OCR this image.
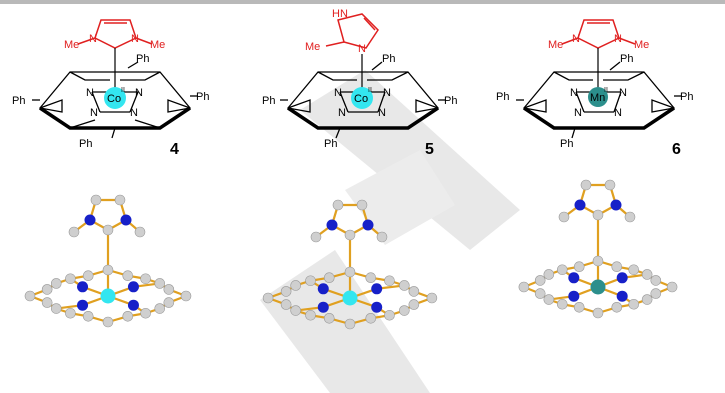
Me N	N Me
Co
II
N	N
N	N
Ph
Ph	Ph
Ph	4
HN
Me	N
Co
II
N	N
N	N
Ph
Ph	Ph
Ph	5
Me N	N Me
Mn
II
N	N
N	N
Ph
Ph	Ph
Ph	6
